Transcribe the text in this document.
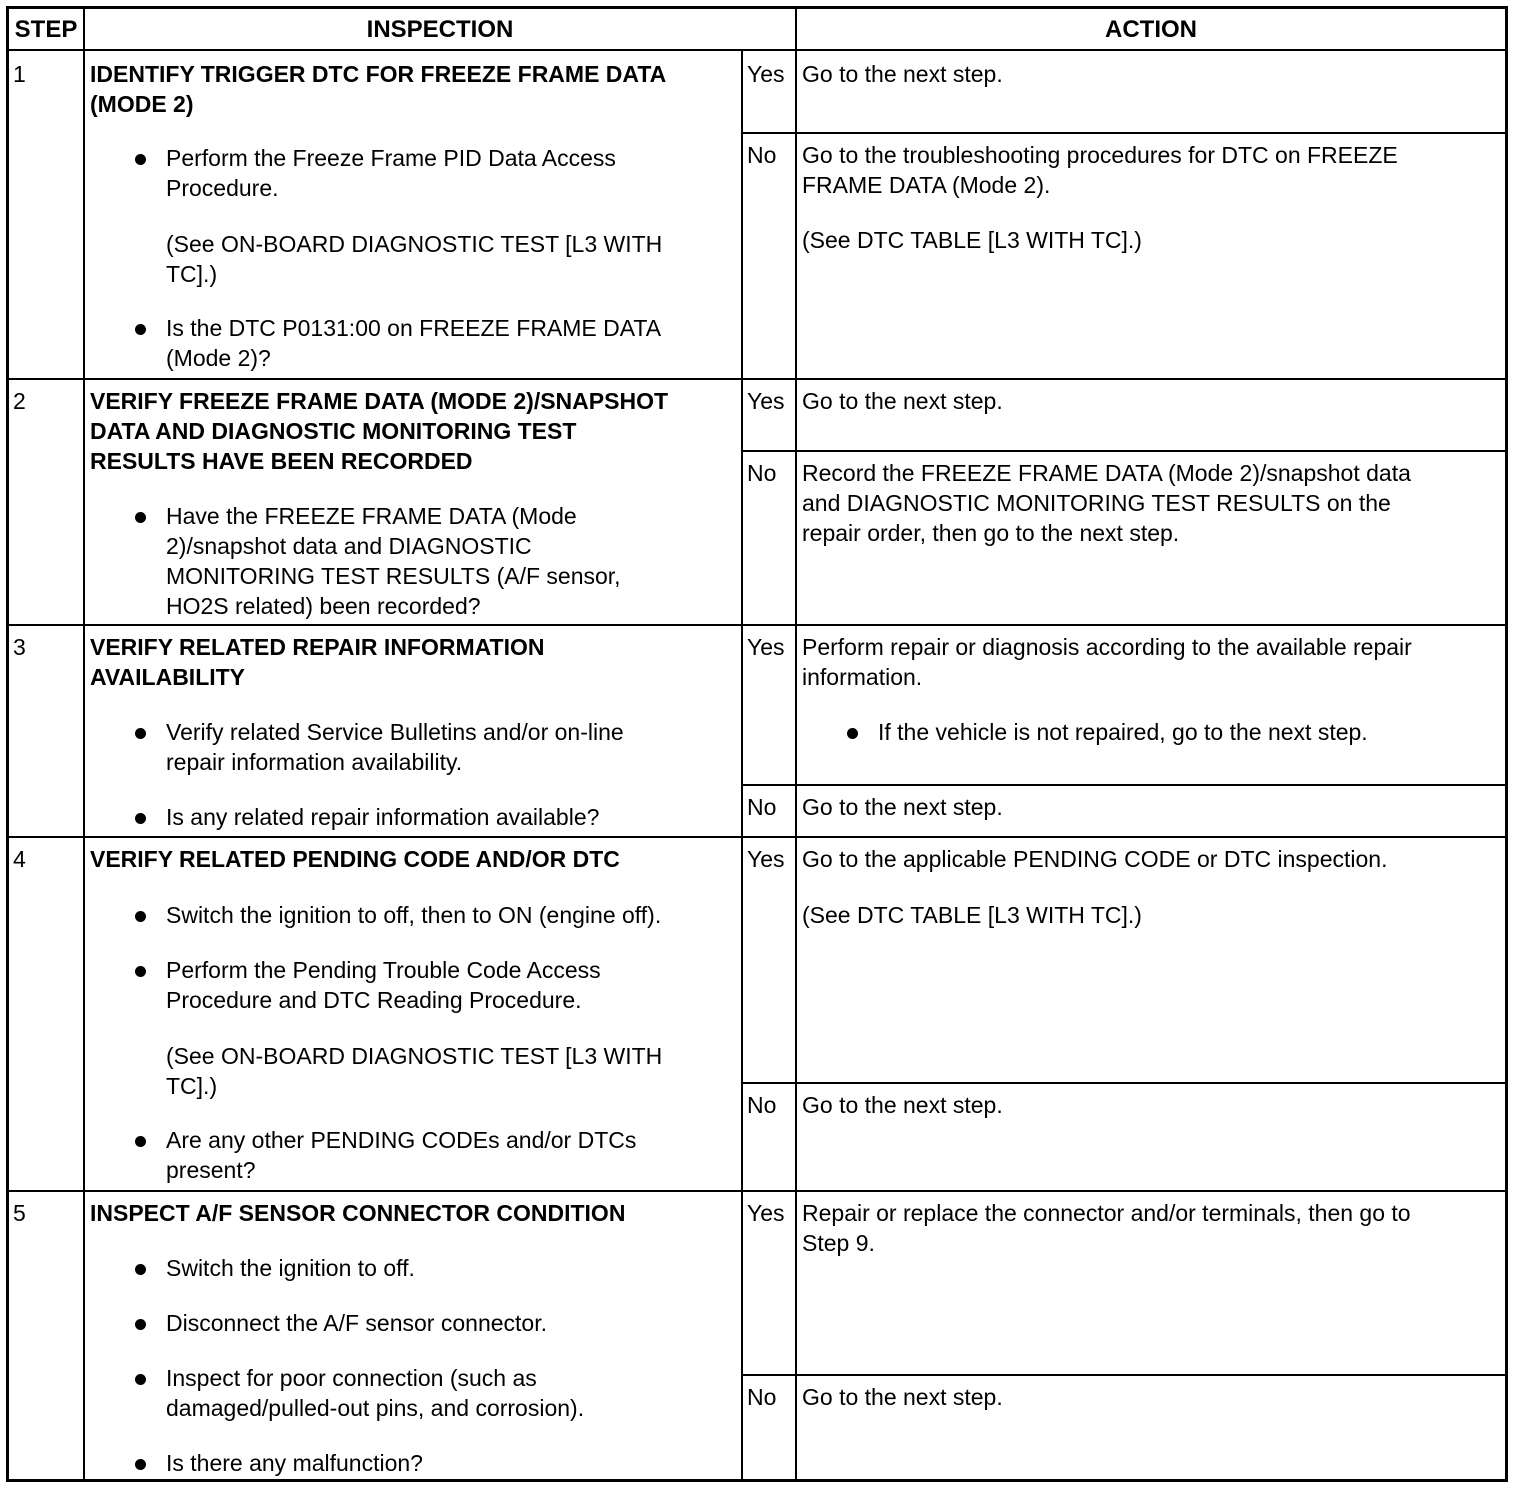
STEP	INSPECTION	ACTION
1	IDENTIFY TRIGGER DTC FOR FREEZE FRAME DATA
(MODE 2)
Perform the Freeze Frame PID Data Access
Procedure.
(See ON-BOARD DIAGNOSTIC TEST [L3 WITH
TC].)
Is the DTC P0131:00 on FREEZE FRAME DATA
(Mode 2)?
Yes Go to the next step.
No Go to the troubleshooting procedures for DTC on FREEZE
FRAME DATA (Mode 2).
(See DTC TABLE [L3 WITH TC].)
2	VERIFY FREEZE FRAME DATA (MODE 2)/SNAPSHOT
DATA AND DIAGNOSTIC MONITORING TEST
RESULTS HAVE BEEN RECORDED
Have the FREEZE FRAME DATA (Mode
2)/snapshot data and DIAGNOSTIC
MONITORING TEST RESULTS (A/F sensor,
HO2S related) been recorded?
Yes Go to the next step.
No Record the FREEZE FRAME DATA (Mode 2)/snapshot data
and DIAGNOSTIC MONITORING TEST RESULTS on the
repair order, then go to the next step.
3	VERIFY RELATED REPAIR INFORMATION
AVAILABILITY
Verify related Service Bulletins and/or on-line
repair information availability.
Is any related repair information available?
Yes Perform repair or diagnosis according to the available repair
information.
If the vehicle is not repaired, go to the next step.
No Go to the next step.
4	VERIFY RELATED PENDING CODE AND/OR DTC
Switch the ignition to off, then to ON (engine off).
Perform the Pending Trouble Code Access
Procedure and DTC Reading Procedure.
(See ON-BOARD DIAGNOSTIC TEST [L3 WITH
TC].)
Are any other PENDING CODEs and/or DTCs
present?
Yes Go to the applicable PENDING CODE or DTC inspection.
(See DTC TABLE [L3 WITH TC].)
No Go to the next step.
5	INSPECT A/F SENSOR CONNECTOR CONDITION
Switch the ignition to off.
Disconnect the A/F sensor connector.
Inspect for poor connection (such as
damaged/pulled-out pins, and corrosion).
Is there any malfunction?
Yes Repair or replace the connector and/or terminals, then go to
Step 9.
No Go to the next step.
